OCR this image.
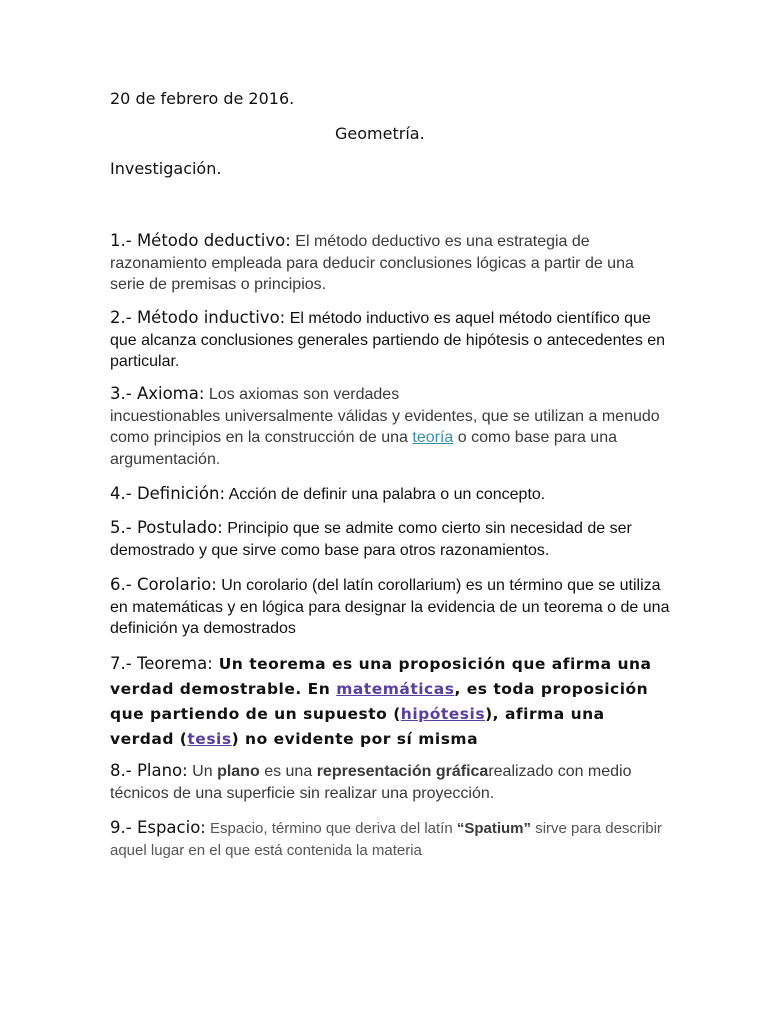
20 de febrero de 2016.
Geometría.
Investigación.
1.- Método deductivo: El método deductivo es una estrategia de razonamiento empleada para deducir conclusiones lógicas a partir de una serie de premisas o principios.
2.- Método inductivo: El método inductivo es aquel método científico que que alcanza conclusiones generales partiendo de hipótesis o antecedentes en particular.
3.- Axioma: Los axiomas son verdades
incuestionables universalmente válidas y evidentes, que se utilizan a menudo como principios en la construcción de una teoría o como base para una argumentación.
4.- Definición: Acción de definir una palabra o un concepto.
5.- Postulado: Principio que se admite como cierto sin necesidad de ser demostrado y que sirve como base para otros razonamientos.
6.- Corolario: Un corolario (del latín corollarium) es un término que se utiliza en matemáticas y en lógica para designar la evidencia de un teorema o de una definición ya demostrados
7.- Teorema: Un teorema es una proposición que afirma una verdad demostrable. En matemáticas, es toda proposición que partiendo de un supuesto (hipótesis), afirma una verdad (tesis) no evidente por sí misma
8.- Plano: Un plano es una representación gráficarealizado con medio técnicos de una superficie sin realizar una proyección.
9.- Espacio: Espacio, término que deriva del latín “Spatium” sirve para describir aquel lugar en el que está contenida la materia
